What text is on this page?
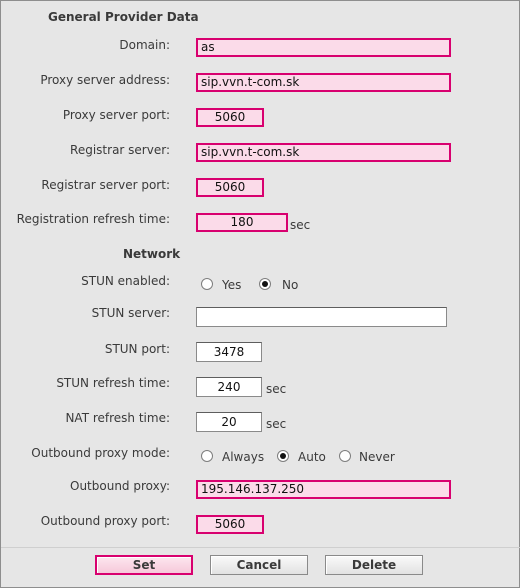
General Provider Data
Domain:	as
Proxy server address:	sip.vvn.t-com.sk
Proxy server port:	5060
Registrar server:	sip.vvn.t-com.sk
Registrar server port:	5060
Registration refresh time:	180	sec
Network
STUN enabled:	Yes	No
STUN server:
STUN port:	3478
STUN refresh time:	240	sec
NAT refresh time:	20	sec
Outbound proxy mode:	Always	Auto	Never
Outbound proxy:	195.146.137.250
Outbound proxy port:	5060
Set	Cancel	Delete
